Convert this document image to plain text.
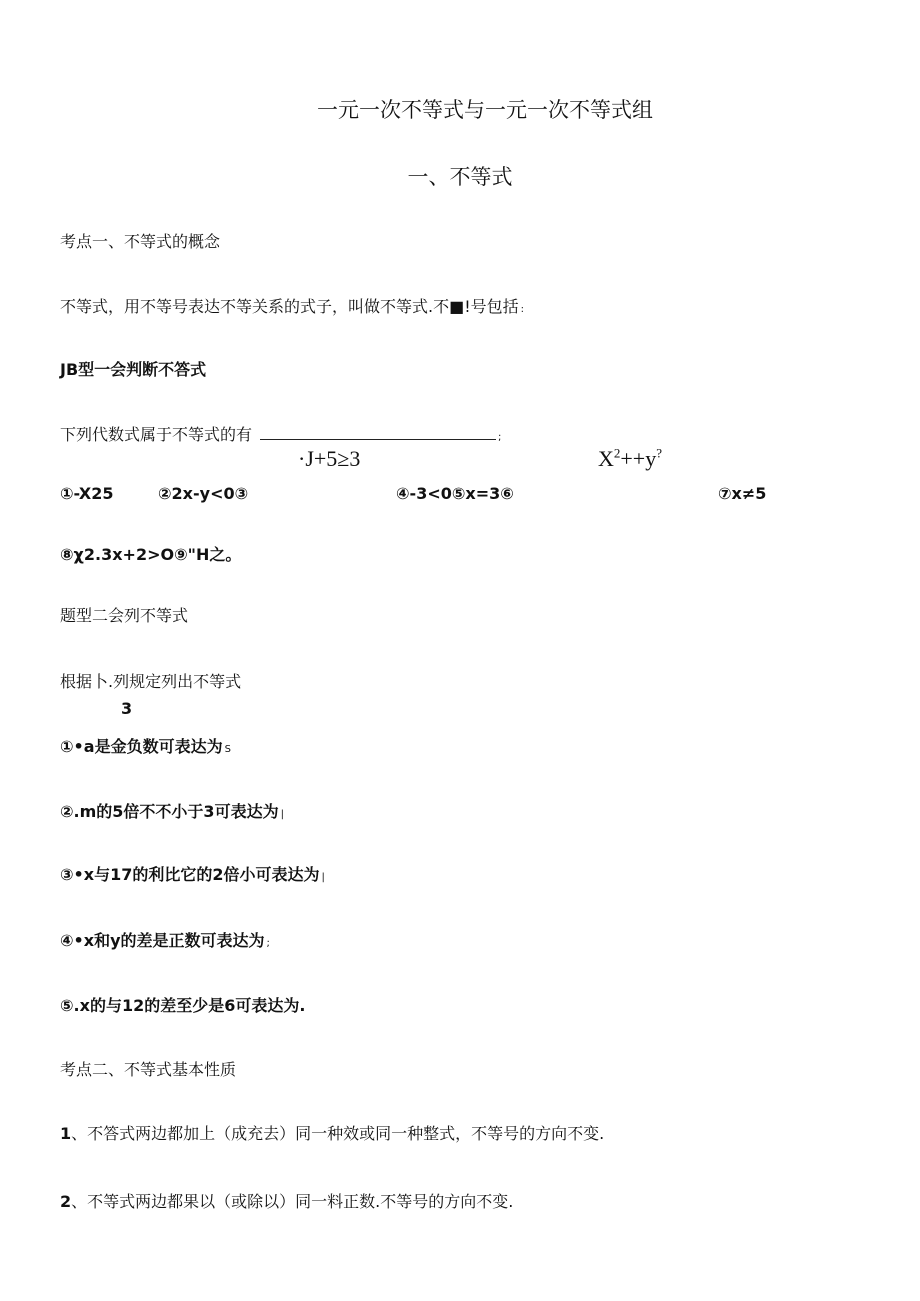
一元一次不等式与一元一次不等式组
一、不等式
考点一、不等式的概念
不等式，用不等号表达不等关系的式子，叫做不等式.不■!号包括 :
JB型一会判断不答式
下列代数式属于不等式的有	;
·J+5≥3	$X^2++y^?$
①-X25	②2x-y<0③	④-3<0⑤x=3⑥	⑦x≠5
⑧χ2.3x+2>O⑨"H之。
题型二会列不等式
根据卜.列规定列出不等式
3
①•a是金负数可表达为 S
②.m的5倍不不小于3可表达为 |
③•x与17的利比它的2倍小可表达为 |
④•x和y的差是正数可表达为 ;
⑤.x的与12的差至少是6可表达为.
考点二、不等式基本性质
1、不答式两边都加上（成充去）同一种效或同一种整式，不等号的方向不变.
2、不等式两边都果以（或除以）同一料正数.不等号的方向不变.
